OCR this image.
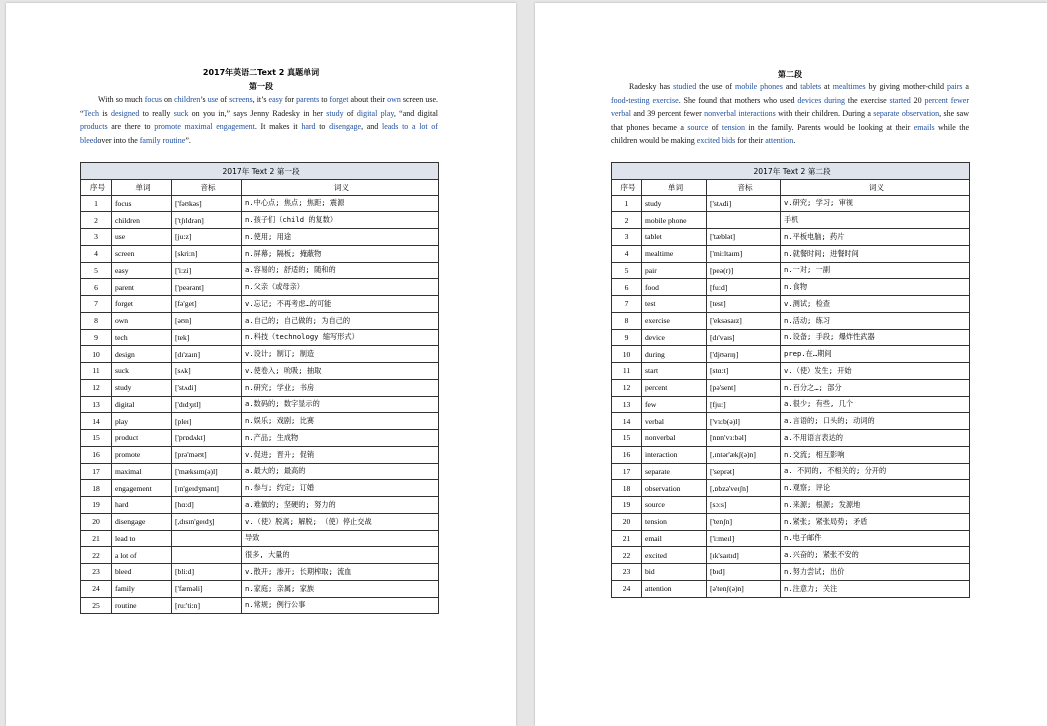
2017年英语二Text 2 真题单词
第一段
With so much focus on children’s use of screens, it’s easy for parents to forget about their own screen use. “Tech is designed to really suck on you in,” says Jenny Radesky in her study of digital play, “and digital products are there to promote maximal engagement. It makes it hard to disengage, and leads to a lot of bleedover into the family routine”.
2017年 Text 2 第一段			
序号	单词	音标	词义
1	focus	['fəʊkəs]	n.中心点; 焦点; 焦距; 震源
2	children	['tʃɪldrən]	n.孩子们（child 的复数）
3	use	[ju:z]	n.使用; 用途
4	screen	[skri:n]	n.屏幕; 隔板; 掩蔽物
5	easy	['i:zi]	a.容易的; 舒适的; 随和的
6	parent	['peərənt]	n.父亲（或母亲）
7	forget	[fə'get]	v.忘记; 不再考虑…的可能
8	own	[əʊn]	a.自己的; 自己做的; 为自己的
9	tech	[tek]	n.科技（technology 缩写形式）
10	design	[dɪ'zaɪn]	v.设计; 制订; 制造
11	suck	[sʌk]	v.使卷入; 吮吸; 抽取
12	study	['stʌdi]	n.研究; 学业; 书房
13	digital	['dɪdʒɪtl]	a.数码的; 数字显示的
14	play	[pleɪ]	n.娱乐; 戏剧; 比赛
15	product	['prɒdʌkt]	n.产品; 生成物
16	promote	[prə'məʊt]	v.促进; 晋升; 促销
17	maximal	['mæksɪm(ə)l]	a.最大的; 最高的
18	engagement	[ɪn'geɪdʒmənt]	n.参与; 约定; 订婚
19	hard	[hɑ:d]	a.难做的; 坚硬的; 努力的
20	disengage	[,dɪsɪn'geɪdʒ]	v.（使）脱离; 解脱; （使）停止交战
21	lead to		导致
22	a lot of		很多, 大量的
23	bleed	[bli:d]	v.散开; 渗开; 长期榨取; 流血
24	family	['fæməli]	n.家庭; 亲属; 家族
25	routine	[ru:'ti:n]	n.常规; 例行公事
第二段
Radesky has studied the use of mobile phones and tablets at mealtimes by giving mother-child pairs a food-testing exercise. She found that mothers who used devices during the exercise started 20 percent fewer verbal and 39 percent fewer nonverbal interactions with their children. During a separate observation, she saw that phones became a source of tension in the family. Parents would be looking at their emails while the children would be making excited bids for their attention.
2017年 Text 2 第二段			
序号	单词	音标	词义
1	study	['stʌdi]	v.研究; 学习; 审视
2	mobile phone		手机
3	tablet	['tæblət]	n.平板电脑; 药片
4	mealtime	['mi:ltaɪm]	n.就餐时间; 进餐时间
5	pair	[peə(r)]	n.一对; 一副
6	food	[fu:d]	n.食物
7	test	[test]	v.测试; 检查
8	exercise	['eksəsaɪz]	n.活动; 练习
9	device	[dɪ'vaɪs]	n.设备; 手段; 爆炸性武器
10	during	['djʊərɪŋ]	prep.在…期间
11	start	[stɑ:t]	v.（使）发生; 开始
12	percent	[pə'sent]	n.百分之…; 部分
13	few	[fju:]	a.很少; 有些, 几个
14	verbal	['vɜ:b(ə)l]	a.言语的; 口头的; 动词的
15	nonverbal	[nɒn'vɜ:bəl]	a.不用语言表达的
16	interaction	[,ɪntər'ækʃ(ə)n]	n.交流; 相互影响
17	separate	['seprət]	a. 不同的, 不相关的; 分开的
18	observation	[,ɒbzə'veɪʃn]	n.观察; 评论
19	source	[sɔ:s]	n.来源; 根源; 发源地
20	tension	['tenʃn]	n.紧张; 紧张局势; 矛盾
21	email	['i:meɪl]	n.电子邮件
22	excited	[ɪk'saɪtɪd]	a.兴奋的; 紧张不安的
23	bid	[bɪd]	n.努力尝试; 出价
24	attention	[ə'tenʃ(ə)n]	n.注意力; 关注
